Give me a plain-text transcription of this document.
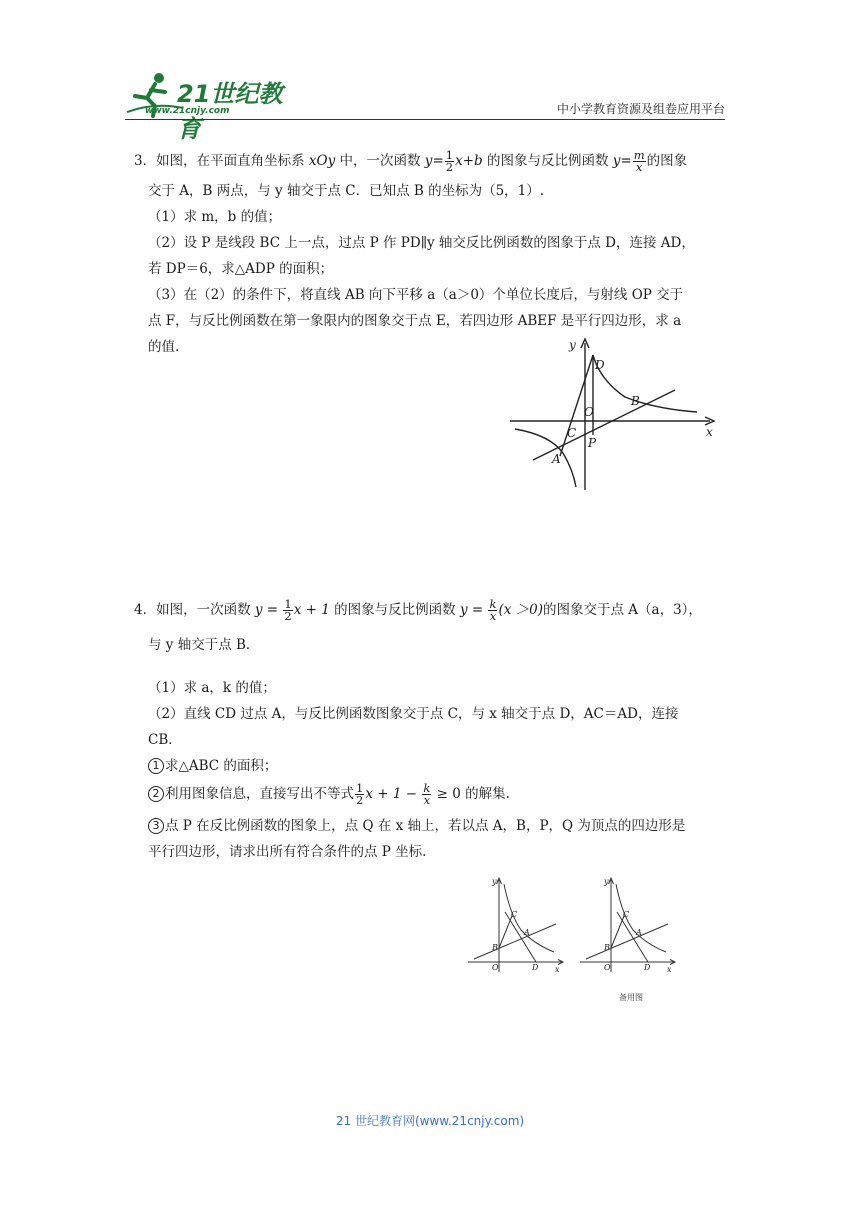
21世纪教育
www.21cnjy.com	中小学教育资源及组卷应用平台
3．如图，在平面直角坐标系 xOy 中，一次函数 $y= \frac{1}{2} x+b$ 的图象与反比例函数 $y= \frac{m}{x}$ 的图象
交于 A，B 两点，与 y 轴交于点 C．已知点 B 的坐标为（5，1）.
（1）求 m，b 的值；
（2）设 P 是线段 BC 上一点，过点 P 作 PD∥y 轴交反比例函数的图象于点 D，连接 AD，
若 DP＝6，求△ADP 的面积；
（3）在（2）的条件下，将直线 AB 向下平移 a（a＞0）个单位长度后，与射线 OP 交于
点 F，与反比例函数在第一象限内的图象交于点 E，若四边形 ABEF 是平行四边形，求 a
的值.	y
x
D
B
O
C
P
A
4．如图，一次函数 $y = \frac{1}{2}$ x + 1 的图象与反比例函数 $y = \frac{k}{x} (x >0)$的图象交于点 A（a，3），
与 y 轴交于点 B．
（1）求 a，k 的值；
（2）直线 CD 过点 A，与反比例函数图象交于点 C，与 x 轴交于点 D，AC＝AD，连接
CB．
1 求△ABC 的面积；
2 利用图象信息，直接写出不等式 $\frac{1}{2}$ $x + 1 - \frac{k}{x} \ge 0$ 的解集.
3 点 P 在反比例函数的图象上，点 Q 在 x 轴上，若以点 A，B，P，Q 为顶点的四边形是
平行四边形，请求出所有符合条件的点 P 坐标.
y
x
C
A
B
O	D
y
x
C
A
B
O	D
备用图
21 世纪教育网(www.21cnjy.com)
